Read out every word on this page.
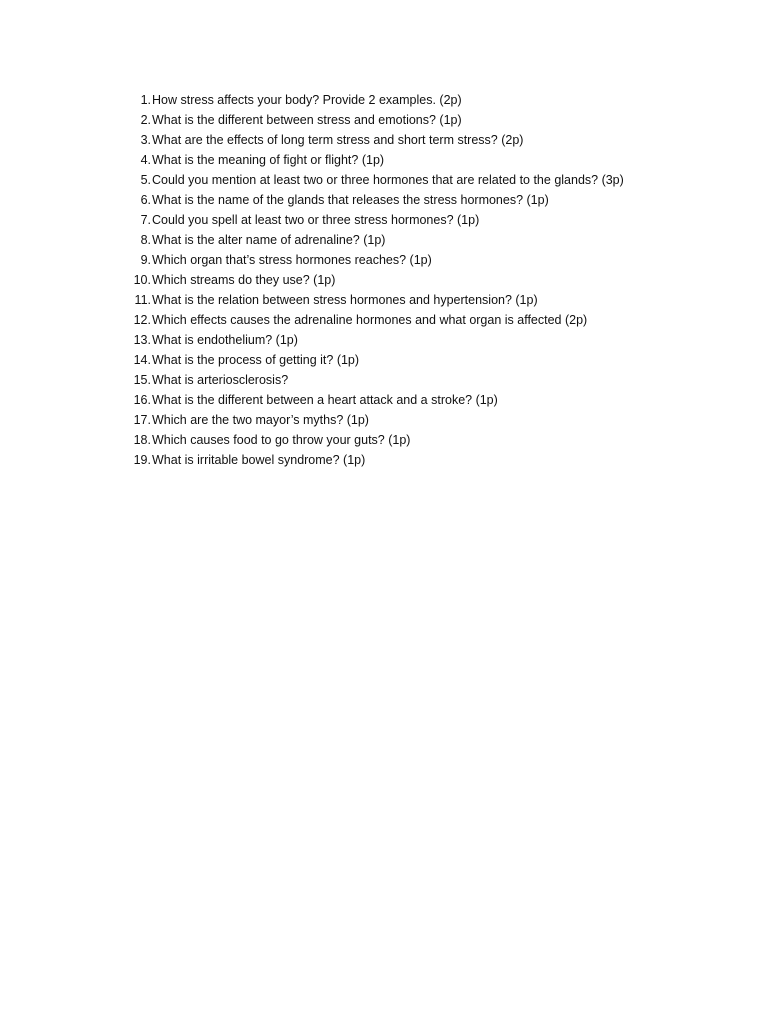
1. How stress affects your body? Provide 2 examples. (2p)
2. What is the different between stress and emotions? (1p)
3. What are the effects of long term stress and short term stress? (2p)
4. What is the meaning of fight or flight? (1p)
5. Could you mention at least two or three hormones that are related to the glands? (3p)
6. What is the name of the glands that releases the stress hormones? (1p)
7. Could you spell at least two or three stress hormones? (1p)
8. What is the alter name of adrenaline? (1p)
9. Which organ that’s stress hormones reaches? (1p)
10. Which streams do they use? (1p)
11. What is the relation between stress hormones and hypertension? (1p)
12. Which effects causes the adrenaline hormones and what organ is affected (2p)
13. What is endothelium? (1p)
14. What is the process of getting it? (1p)
15. What is arteriosclerosis?
16. What is the different between a heart attack and a stroke? (1p)
17. Which are the two mayor’s myths? (1p)
18. Which causes food to go throw your guts? (1p)
19. What is irritable bowel syndrome? (1p)
